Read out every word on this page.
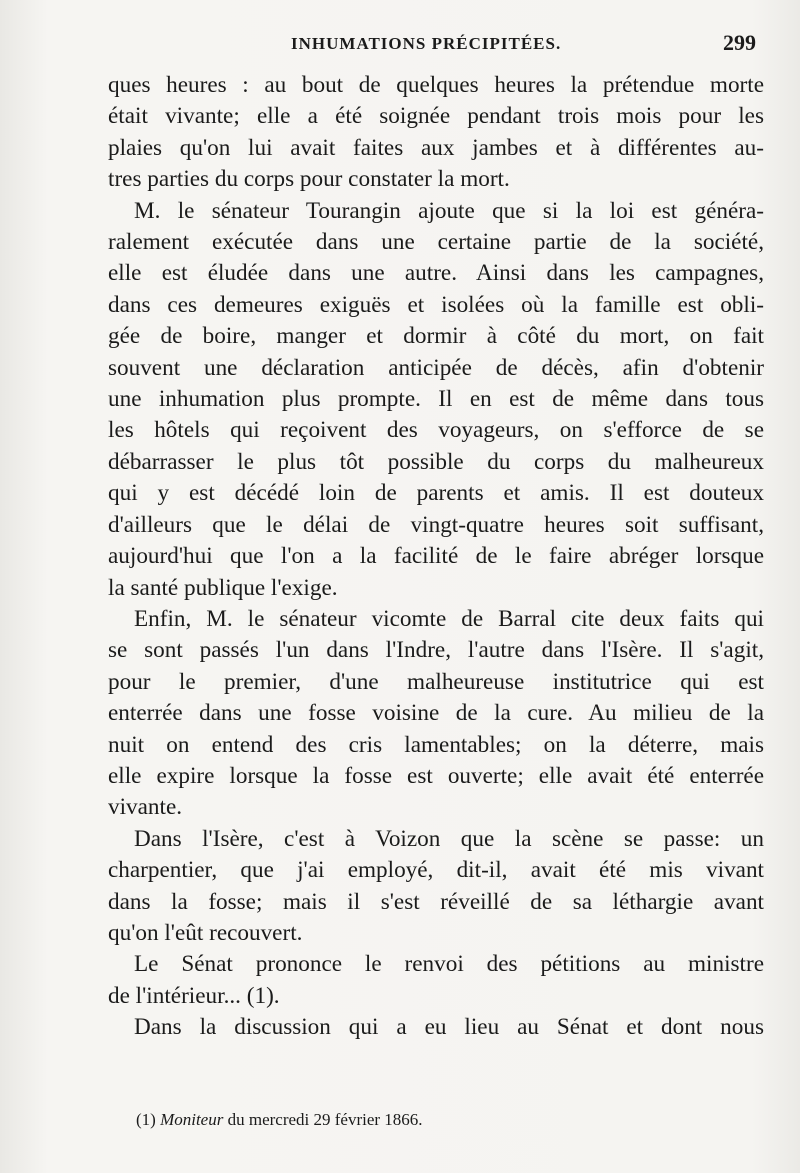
INHUMATIONS PRÉCIPITÉES.	299
ques heures : au bout de quelques heures la prétendue morte
était vivante; elle a été soignée pendant trois mois pour les
plaies qu'on lui avait faites aux jambes et à différentes au-
tres parties du corps pour constater la mort.
M. le sénateur Tourangin ajoute que si la loi est généra-
ralement exécutée dans une certaine partie de la société,
elle est éludée dans une autre. Ainsi dans les campagnes,
dans ces demeures exiguës et isolées où la famille est obli-
gée de boire, manger et dormir à côté du mort, on fait
souvent une déclaration anticipée de décès, afin d'obtenir
une inhumation plus prompte. Il en est de même dans tous
les hôtels qui reçoivent des voyageurs, on s'efforce de se
débarrasser le plus tôt possible du corps du malheureux
qui y est décédé loin de parents et amis. Il est douteux
d'ailleurs que le délai de vingt-quatre heures soit suffisant,
aujourd'hui que l'on a la facilité de le faire abréger lorsque
la santé publique l'exige.
Enfin, M. le sénateur vicomte de Barral cite deux faits qui
se sont passés l'un dans l'Indre, l'autre dans l'Isère. Il s'agit,
pour le premier, d'une malheureuse institutrice qui est
enterrée dans une fosse voisine de la cure. Au milieu de la
nuit on entend des cris lamentables; on la déterre, mais
elle expire lorsque la fosse est ouverte; elle avait été enterrée
vivante.
Dans l'Isère, c'est à Voizon que la scène se passe: un
charpentier, que j'ai employé, dit-il, avait été mis vivant
dans la fosse; mais il s'est réveillé de sa léthargie avant
qu'on l'eût recouvert.
Le Sénat prononce le renvoi des pétitions au ministre
de l'intérieur... (1).
Dans la discussion qui a eu lieu au Sénat et dont nous
(1) Moniteur du mercredi 29 février 1866.
